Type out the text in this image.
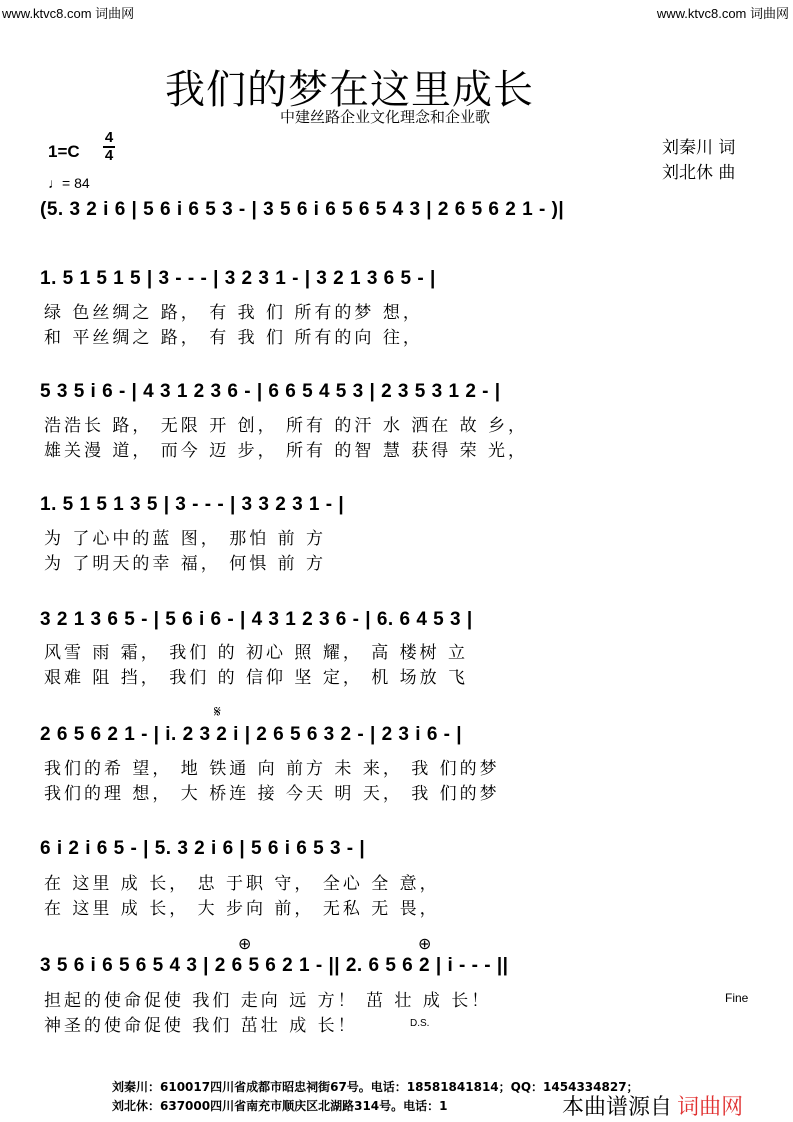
www.ktvc8.com 词曲网	www.ktvc8.com 词曲网
我们的梦在这里成长
中建丝路企业文化理念和企业歌
刘秦川 词
刘北休 曲
1=C
4
4
♩= 84
(5. 3 2 i 6 | 5 6 i 6 5 3 - | 3 5 6 i 6 5 6 5 4 3 | 2 6 5 6 2 1 - )|
1. 5 1 5 1 5 | 3 - - - | 3 2 3 1 - | 3 2 1 3 6 5 - |
绿 色丝绸之 路， 有 我 们 所有的梦 想，
和 平丝绸之 路， 有 我 们 所有的向 往，
5 3 5 i 6 - | 4 3 1 2 3 6 - | 6 6 5 4 5 3 | 2 3 5 3 1 2 - |
浩浩长 路， 无限 开 创， 所有 的汗 水 洒在 故 乡，
雄关漫 道， 而今 迈 步， 所有 的智 慧 获得 荣 光，
1. 5 1 5 1 3 5 | 3 - - - | 3 3 2 3 1 - |
为 了心中的蓝 图， 那怕 前 方
为 了明天的幸 福， 何惧 前 方
3 2 1 3 6 5 - | 5 6 i 6 - | 4 3 1 2 3 6 - | 6. 6 4 5 3 |
风雪 雨 霜， 我们 的 初心 照 耀， 高 楼树 立
艰难 阻 挡， 我们 的 信仰 坚 定， 机 场放 飞
𝄋
2 6 5 6 2 1 - | i. 2 3 2 i | 2 6 5 6 3 2 - | 2 3 i 6 - |
我们的希 望， 地 铁通 向 前方 未 来， 我 们的梦
我们的理 想， 大 桥连 接 今天 明 天， 我 们的梦
6 i 2 i 6 5 - | 5. 3 2 i 6 | 5 6 i 6 5 3 - |
在 这里 成 长， 忠 于职 守， 全心 全 意，
在 这里 成 长， 大 步向 前， 无私 无 畏，
⊕	⊕
3 5 6 i 6 5 6 5 4 3 | 2 6 5 6 2 1 - || 2. 6 5 6 2 | i - - - ||
担起的使命促使 我们 走向 远 方！ 茁 壮 成 长！
神圣的使命促使 我们 茁壮 成 长！
Fine
D.S.
刘秦川：610017四川省成都市昭忠祠街67号。电话：18581841814；QQ：1454334827；
刘北休：637000四川省南充市顺庆区北湖路314号。电话：1	本曲谱源自 词曲网
